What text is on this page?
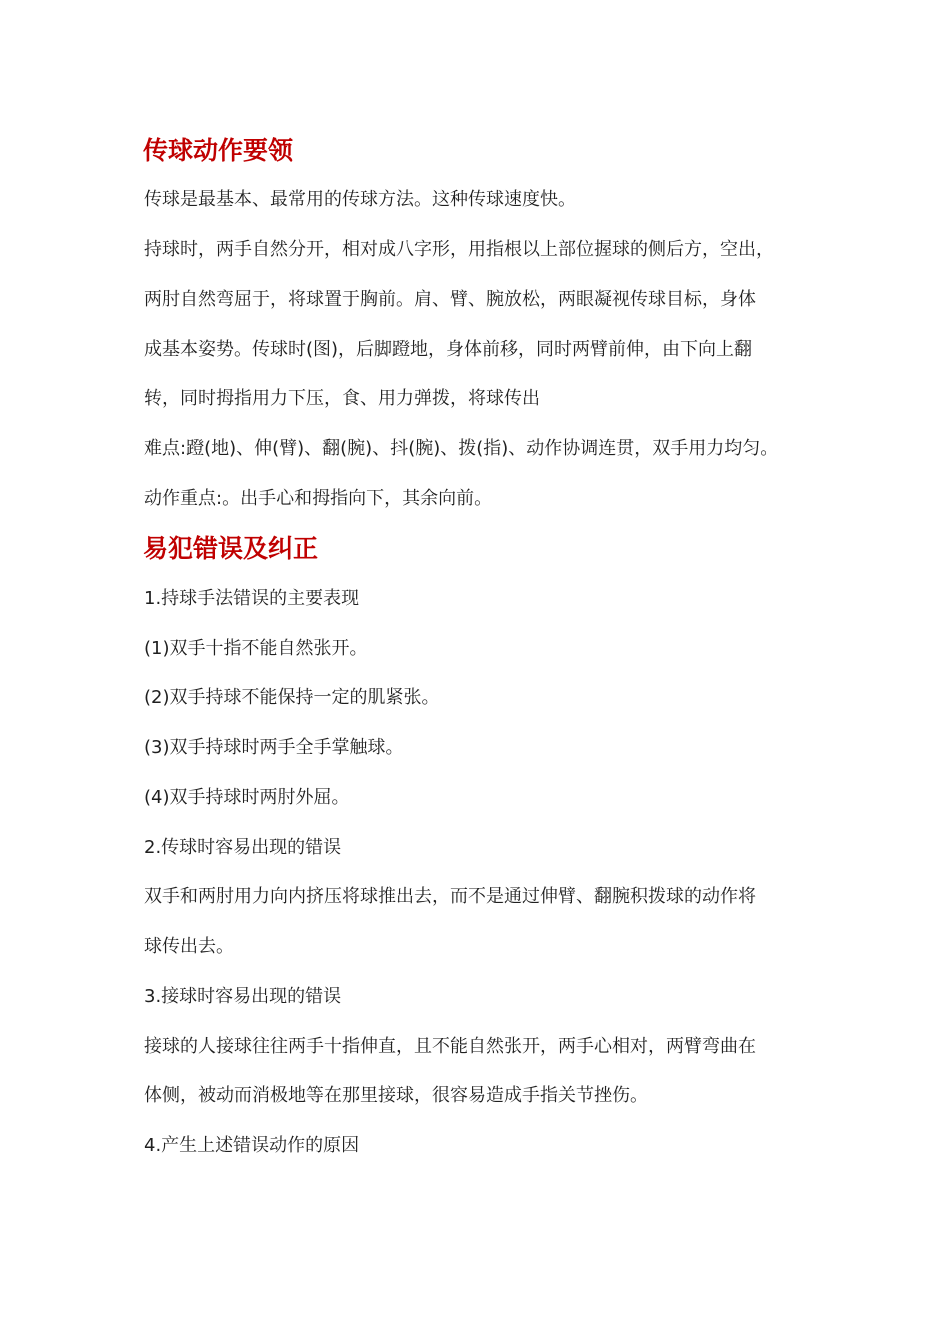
传球动作要领
传球是最基本、最常用的传球方法。这种传球速度快。
持球时，两手自然分开，相对成八字形，用指根以上部位握球的侧后方，空出，
两肘自然弯屈于，将球置于胸前。肩、臂、腕放松，两眼凝视传球目标，身体
成基本姿势。传球时(图)，后脚蹬地，身体前移，同时两臂前伸，由下向上翻
转，同时拇指用力下压，食、用力弹拨，将球传出
难点:蹬(地)、伸(臂)、翻(腕)、抖(腕)、拨(指)、动作协调连贯，双手用力均匀。
动作重点:。出手心和拇指向下，其余向前。
易犯错误及纠正
1.持球手法错误的主要表现
(1)双手十指不能自然张开。
(2)双手持球不能保持一定的肌紧张。
(3)双手持球时两手全手掌触球。
(4)双手持球时两肘外屈。
2.传球时容易出现的错误
双手和两肘用力向内挤压将球推出去，而不是通过伸臂、翻腕积拨球的动作将
球传出去。
3.接球时容易出现的错误
接球的人接球往往两手十指伸直，且不能自然张开，两手心相对，两臂弯曲在
体侧，被动而消极地等在那里接球，很容易造成手指关节挫伤。
4.产生上述错误动作的原因
